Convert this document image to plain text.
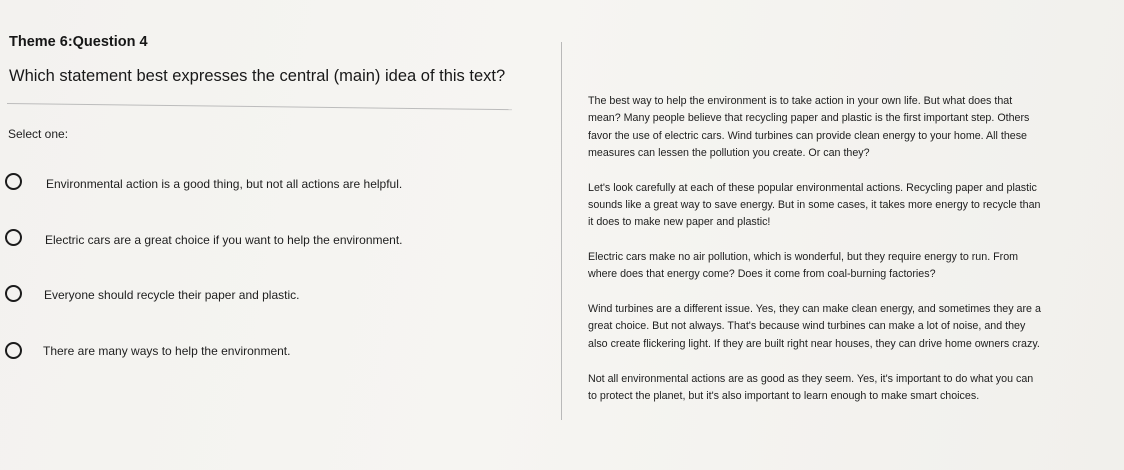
Theme 6:Question 4
Which statement best expresses the central (main) idea of this text?
Select one:
Environmental action is a good thing, but not all actions are helpful.
Electric cars are a great choice if you want to help the environment.
Everyone should recycle their paper and plastic.
There are many ways to help the environment.

The best way to help the environment is to take action in your own life. But what does that
mean? Many people believe that recycling paper and plastic is the first important step. Others
favor the use of electric cars. Wind turbines can provide clean energy to your home. All these
measures can lessen the pollution you create. Or can they?

Let's look carefully at each of these popular environmental actions. Recycling paper and plastic
sounds like a great way to save energy. But in some cases, it takes more energy to recycle than
it does to make new paper and plastic!

Electric cars make no air pollution, which is wonderful, but they require energy to run. From
where does that energy come? Does it come from coal-burning factories?

Wind turbines are a different issue. Yes, they can make clean energy, and sometimes they are a
great choice. But not always. That's because wind turbines can make a lot of noise, and they
also create flickering light. If they are built right near houses, they can drive home owners crazy.

Not all environmental actions are as good as they seem. Yes, it's important to do what you can
to protect the planet, but it's also important to learn enough to make smart choices.
